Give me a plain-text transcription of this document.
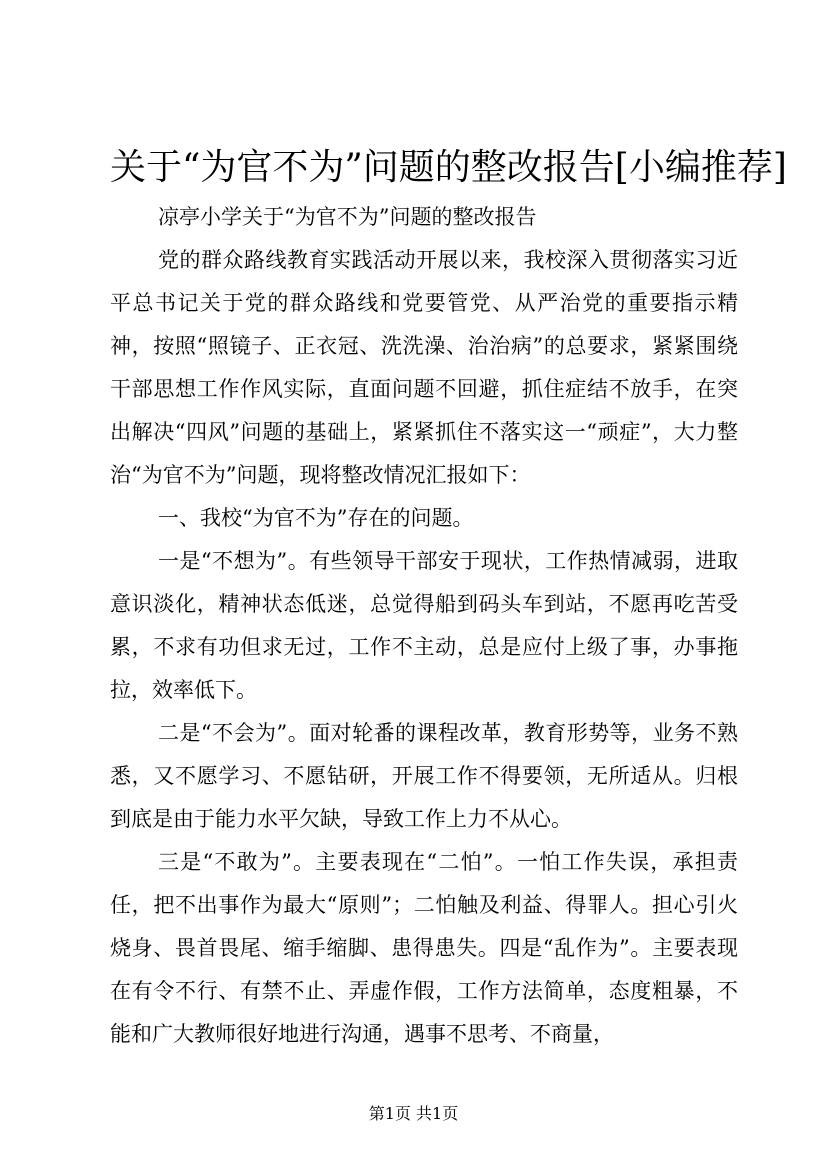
关于“为官不为”问题的整改报告[小编推荐]

凉亭小学关于“为官不为”问题的整改报告

党的群众路线教育实践活动开展以来，我校深入贯彻落实习近平总书记关于党的群众路线和党要管党、从严治党的重要指示精神，按照“照镜子、正衣冠、洗洗澡、治治病”的总要求，紧紧围绕干部思想工作作风实际，直面问题不回避，抓住症结不放手，在突出解决“四风”问题的基础上，紧紧抓住不落实这一“顽症”，大力整治“为官不为”问题，现将整改情况汇报如下：

一、我校“为官不为”存在的问题。

一是“不想为”。有些领导干部安于现状，工作热情减弱，进取意识淡化，精神状态低迷，总觉得船到码头车到站，不愿再吃苦受累，不求有功但求无过，工作不主动，总是应付上级了事，办事拖拉，效率低下。

二是“不会为”。面对轮番的课程改革，教育形势等，业务不熟悉，又不愿学习、不愿钻研，开展工作不得要领，无所适从。归根到底是由于能力水平欠缺，导致工作上力不从心。

三是“不敢为”。主要表现在“二怕”。一怕工作失误，承担责任，把不出事作为最大“原则”；二怕触及利益、得罪人。担心引火烧身、畏首畏尾、缩手缩脚、患得患失。四是“乱作为”。主要表现在有令不行、有禁不止、弄虚作假，工作方法简单，态度粗暴，不能和广大教师很好地进行沟通，遇事不思考、不商量，

第1页 共1页
